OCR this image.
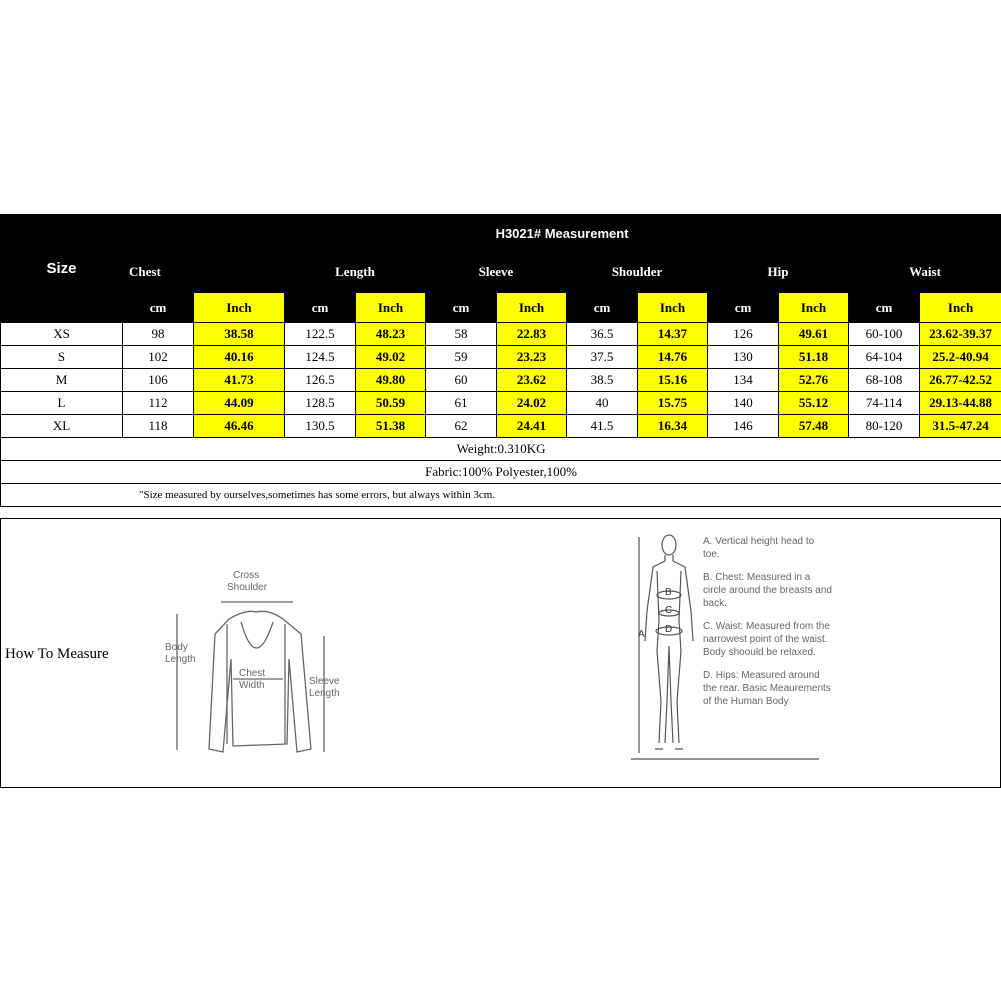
Size	H3021# Measurement											
	Chest		Length		Sleeve		Shoulder		Hip		Waist	
	cm	Inch	cm	Inch	cm	Inch	cm	Inch	cm	Inch	cm	Inch
XS	98	38.58	122.5	48.23	58	22.83	36.5	14.37	126	49.61	60-100	23.62-39.37
S	102	40.16	124.5	49.02	59	23.23	37.5	14.76	130	51.18	64-104	25.2-40.94
M	106	41.73	126.5	49.80	60	23.62	38.5	15.16	134	52.76	68-108	26.77-42.52
L	112	44.09	128.5	50.59	61	24.02	40	15.75	140	55.12	74-114	29.13-44.88
XL	118	46.46	130.5	51.38	62	24.41	41.5	16.34	146	57.48	80-120	31.5-47.24
Weight:0.310KG												
Fabric:100% Polyester,100%												
"Size measured by ourselves,sometimes has some errors, but always within 3cm.												
How To Measure
Cross
Shoulder
Body
Length
Chest
Width	Sleeve
Length
B
C
D
A
A. Vertical height head to toe.
B. Chest: Measured in a circle around the breasts and back.
C. Waist: Measured from the narrowest point of the waist. Body shoould be relaxed.
D. Hips: Measured around the rear. Basic Meaurements of the Human Body
